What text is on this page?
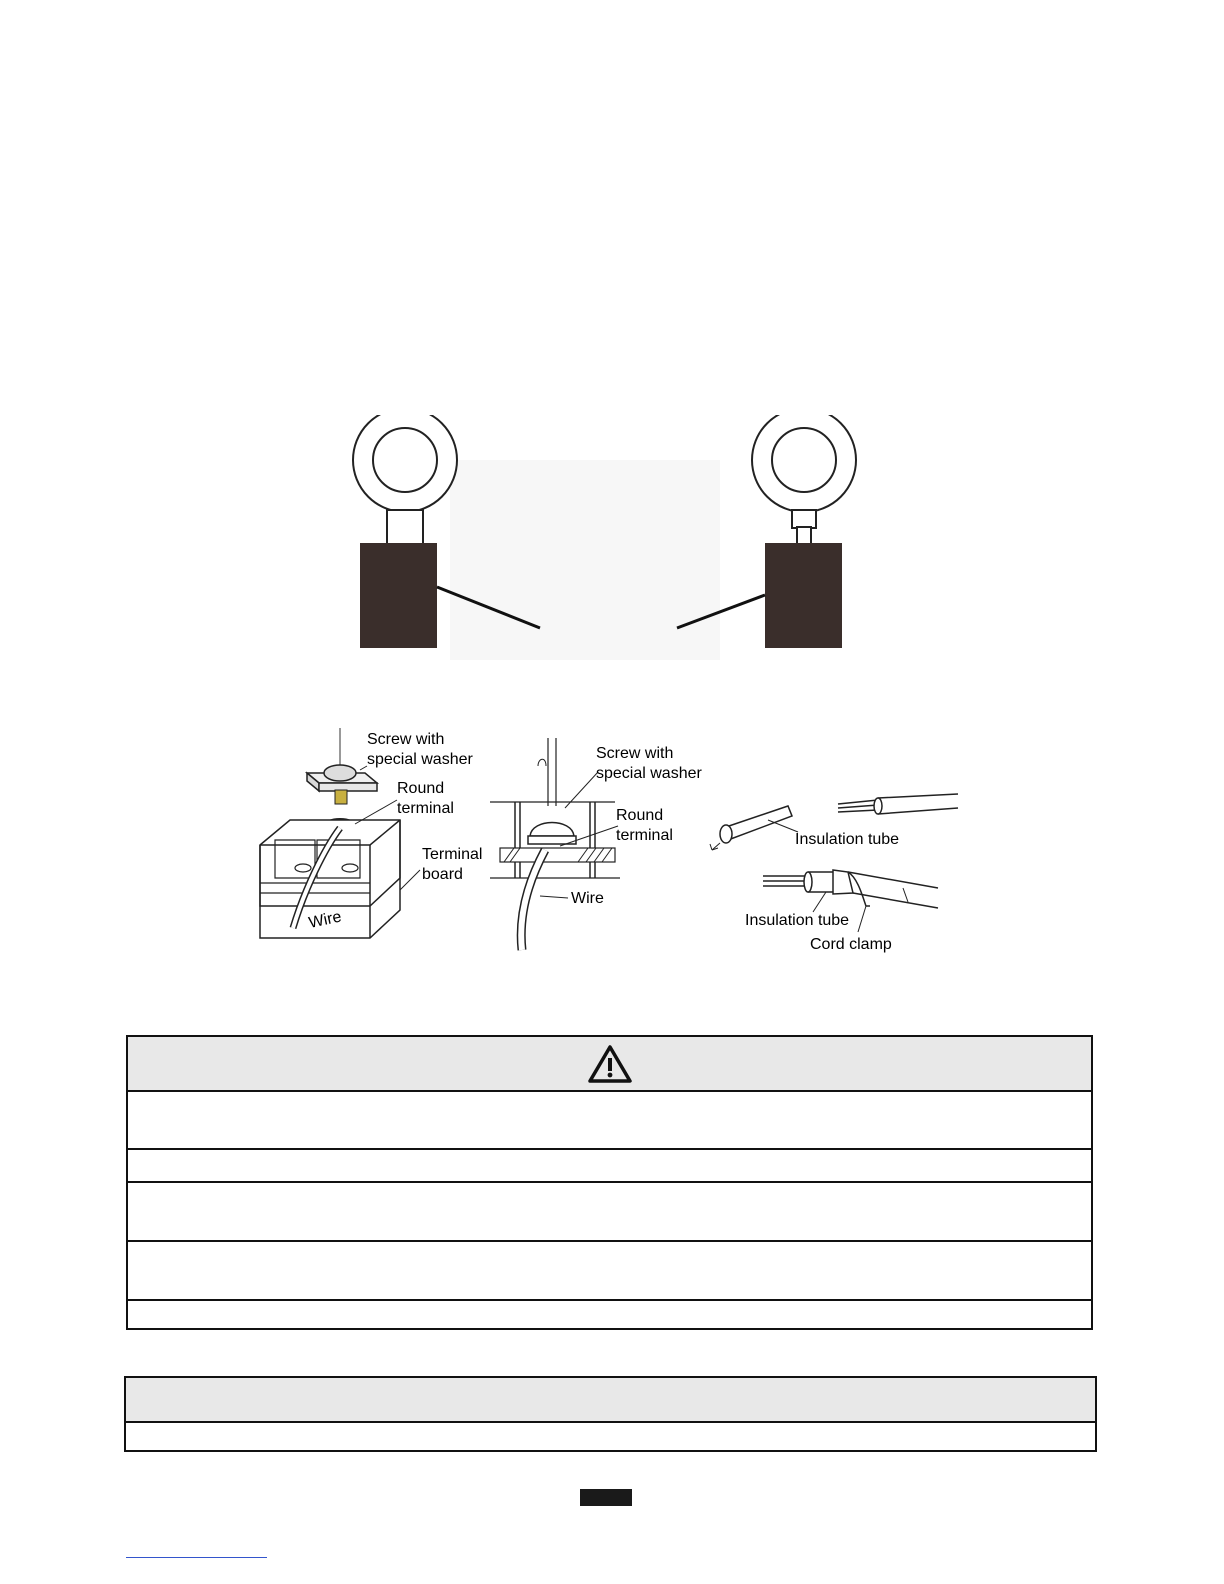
Screw with
special washer
Round
terminal
Terminal
board
Wire
Screw with
special washer
Round
terminal
Wire
Insulation tube
Insulation tube
Cord clamp
